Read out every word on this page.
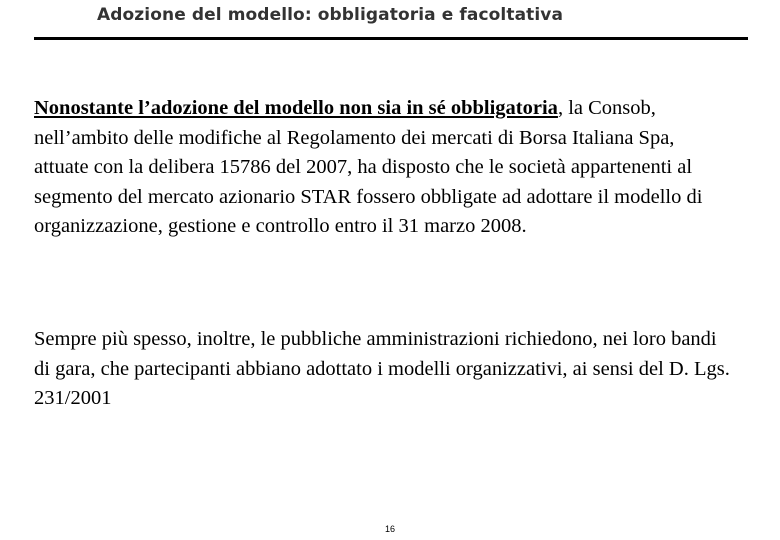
Adozione del modello: obbligatoria e facoltativa

Nonostante l’adozione del modello non sia in sé obbligatoria, la Consob, nell’ambito delle modifiche al Regolamento dei mercati di Borsa Italiana Spa, attuate con la delibera 15786 del 2007, ha disposto che le società appartenenti al segmento del mercato azionario STAR fossero obbligate ad adottare il modello di organizzazione, gestione e controllo entro il 31 marzo 2008.

Sempre più spesso, inoltre, le pubbliche amministrazioni richiedono, nei loro bandi di gara, che partecipanti abbiano adottato i modelli organizzativi, ai sensi del D. Lgs. 231/2001

16
